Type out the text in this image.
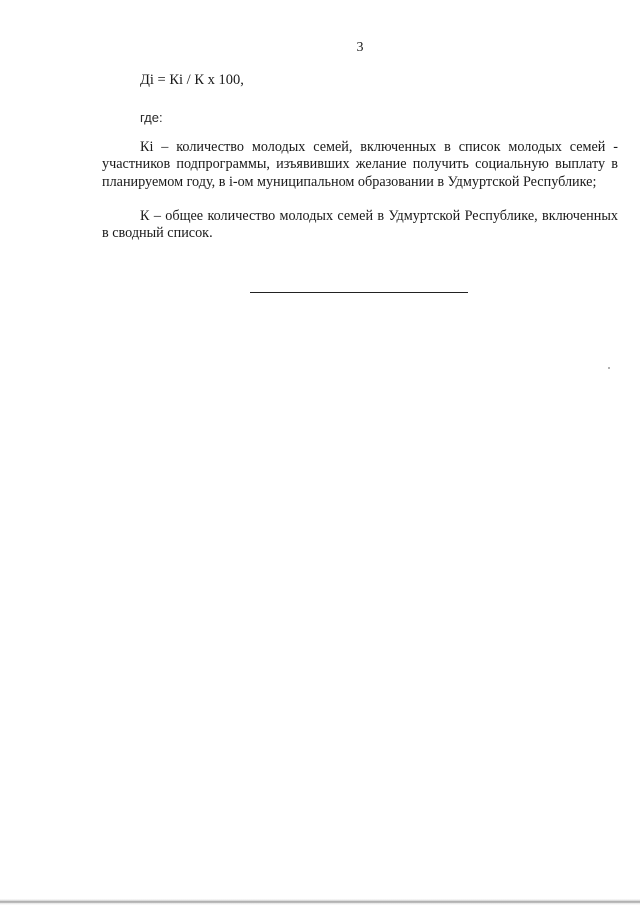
3
Дi = Кi / К х 100,
где:

Кi – количество молодых семей, включенных в список молодых семей - участников подпрограммы, изъявивших желание получить социальную выплату в планируемом году, в i-ом муниципальном образовании в Удмуртской Республике;

К – общее количество молодых семей в Удмуртской Республике, включенных в сводный список.
